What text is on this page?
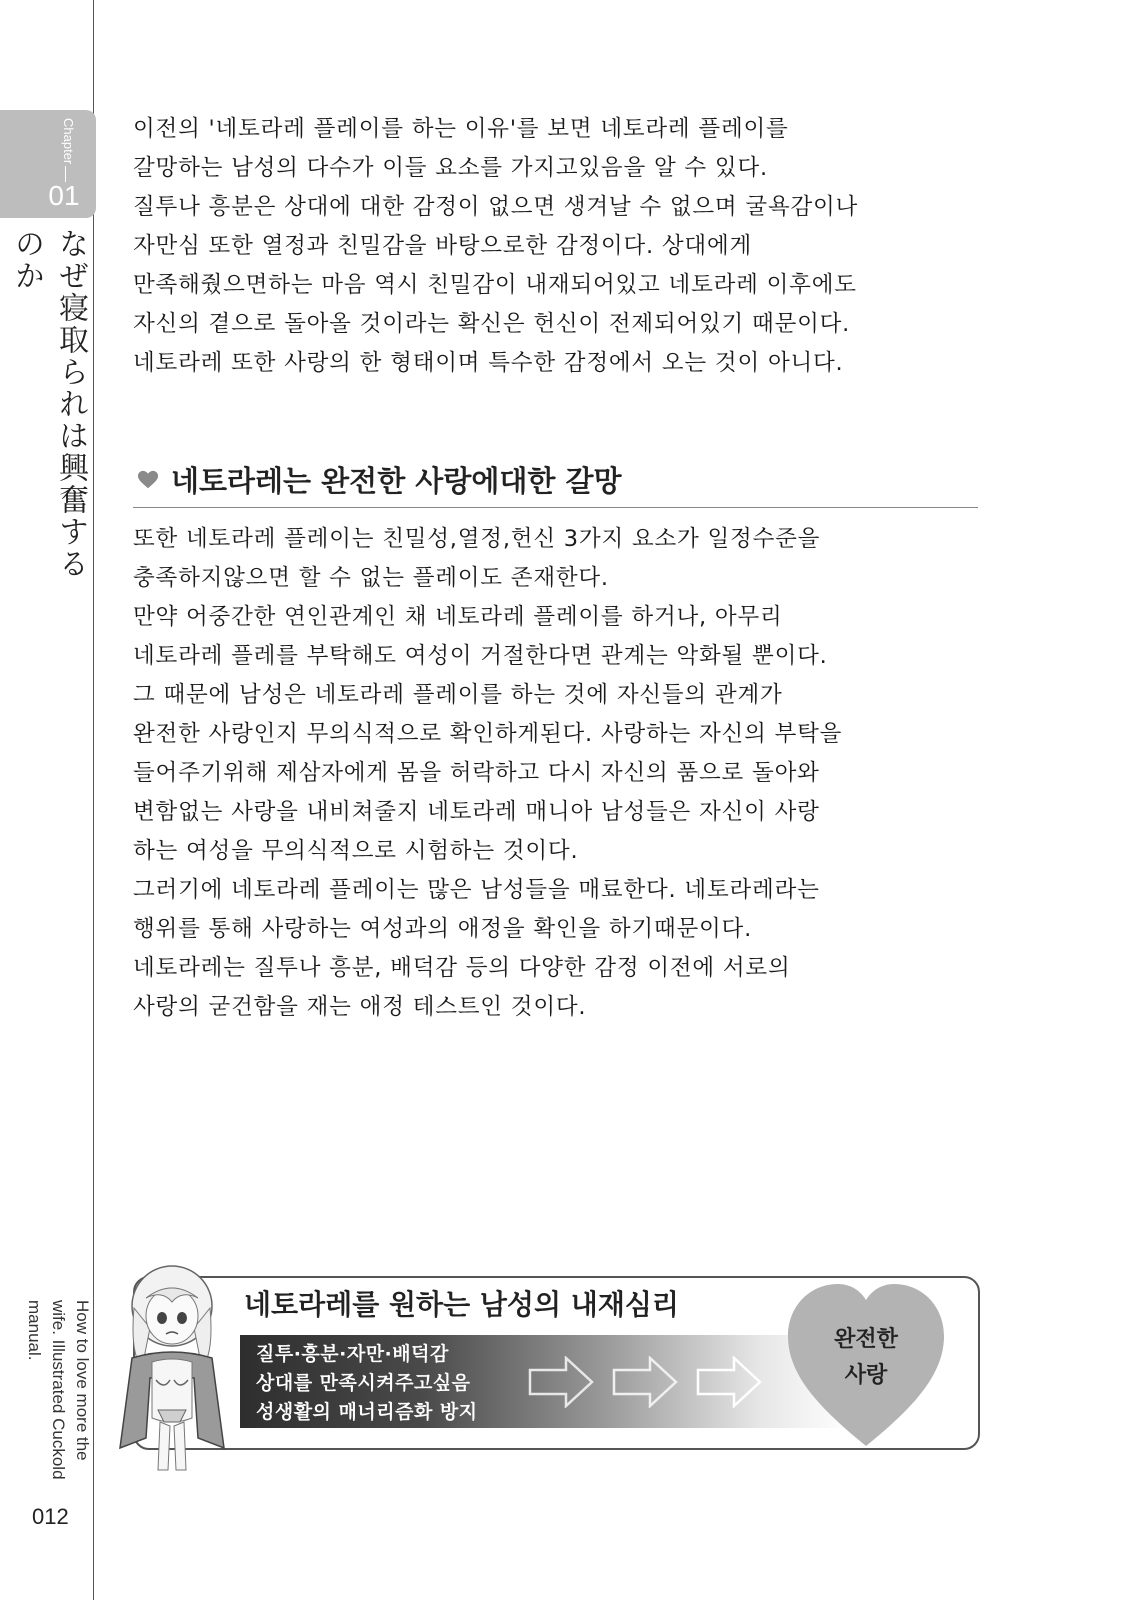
Chapter
01
なぜ寝取られは興奮するのか
How to love more the wife. Illustrated Cuckold manual.
012
이전의 '네토라레 플레이를 하는 이유'를 보면 네토라레 플레이를
갈망하는 남성의 다수가 이들 요소를 가지고있음을 알 수 있다.
질투나 흥분은 상대에 대한 감정이 없으면 생겨날 수 없으며 굴욕감이나
자만심 또한 열정과 친밀감을 바탕으로한 감정이다. 상대에게
만족해줬으면하는 마음 역시 친밀감이 내재되어있고 네토라레 이후에도
자신의 곁으로 돌아올 것이라는 확신은 헌신이 전제되어있기 때문이다.
네토라레 또한 사랑의 한 형태이며 특수한 감정에서 오는 것이 아니다.
네토라레는 완전한 사랑에대한 갈망
또한 네토라레 플레이는 친밀성,열정,헌신 3가지 요소가 일정수준을
충족하지않으면 할 수 없는 플레이도 존재한다.
만약 어중간한 연인관계인 채 네토라레 플레이를 하거나, 아무리
네토라레 플레를 부탁해도 여성이 거절한다면 관계는 악화될 뿐이다.
그 때문에 남성은 네토라레 플레이를 하는 것에 자신들의 관계가
완전한 사랑인지 무의식적으로 확인하게된다. 사랑하는 자신의 부탁을
들어주기위해 제삼자에게 몸을 허락하고 다시 자신의 품으로 돌아와
변함없는 사랑을 내비쳐줄지 네토라레 매니아 남성들은 자신이 사랑
하는 여성을 무의식적으로 시험하는 것이다.
그러기에 네토라레 플레이는 많은 남성들을 매료한다. 네토라레라는
행위를 통해 사랑하는 여성과의 애정을 확인을 하기때문이다.
네토라레는 질투나 흥분, 배덕감 등의 다양한 감정 이전에 서로의
사랑의 굳건함을 재는 애정 테스트인 것이다.
네토라레를 원하는 남성의 내재심리
질투·흥분·자만·배덕감
상대를 만족시켜주고싶음
성생활의 매너리즘화 방지
완전한
사랑
